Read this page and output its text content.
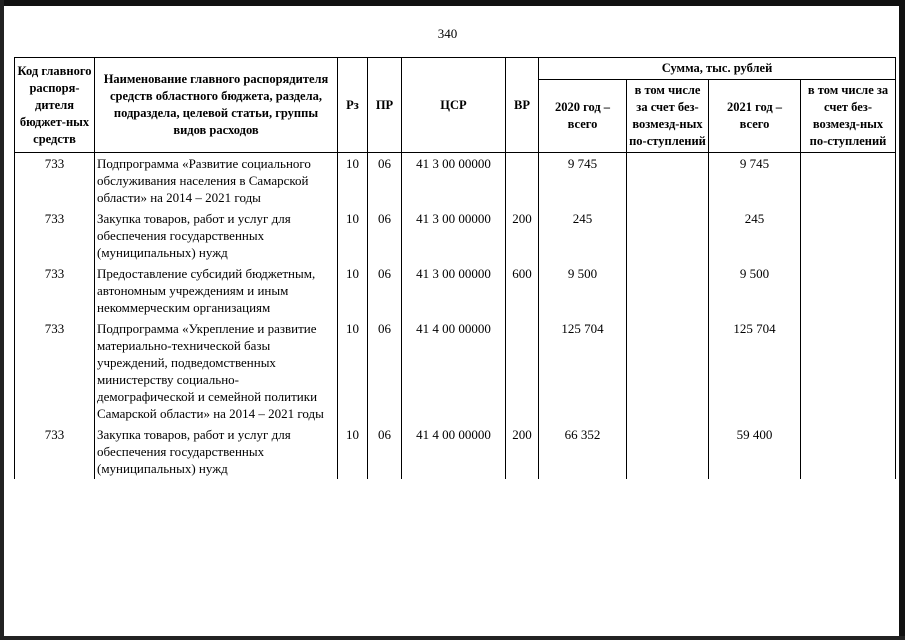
340
Код главного распоря-дителя бюджет-ных средств	Наименование главного распорядителя средств областного бюджета, раздела, подраздела, целевой статьи, группы видов расходов	Рз	ПР	ЦСР	ВР	Сумма, тыс. рублей			
						2020 год – всего	в том числе за счет без-возмезд-ных по-ступлений	2021 год – всего	в том числе за счет без-возмезд-ных по-ступлений
733	Подпрограмма «Развитие социального обслуживания населения в Самарской области» на 2014 – 2021 годы	10	06	41 3 00 00000		9 745		9 745	
733	Закупка товаров, работ и услуг для обеспечения государственных (муниципальных) нужд	10	06	41 3 00 00000	200	245		245	
733	Предоставление субсидий бюджетным, автономным учреждениям и иным некоммерческим организациям	10	06	41 3 00 00000	600	9 500		9 500	
733	Подпрограмма «Укрепление и развитие материально-технической базы учреждений, подведомственных министерству социально-демографической и семейной политики Самарской области» на 2014 – 2021 годы	10	06	41 4 00 00000		125 704		125 704	
733	Закупка товаров, работ и услуг для обеспечения государственных (муниципальных) нужд	10	06	41 4 00 00000	200	66 352		59 400	
